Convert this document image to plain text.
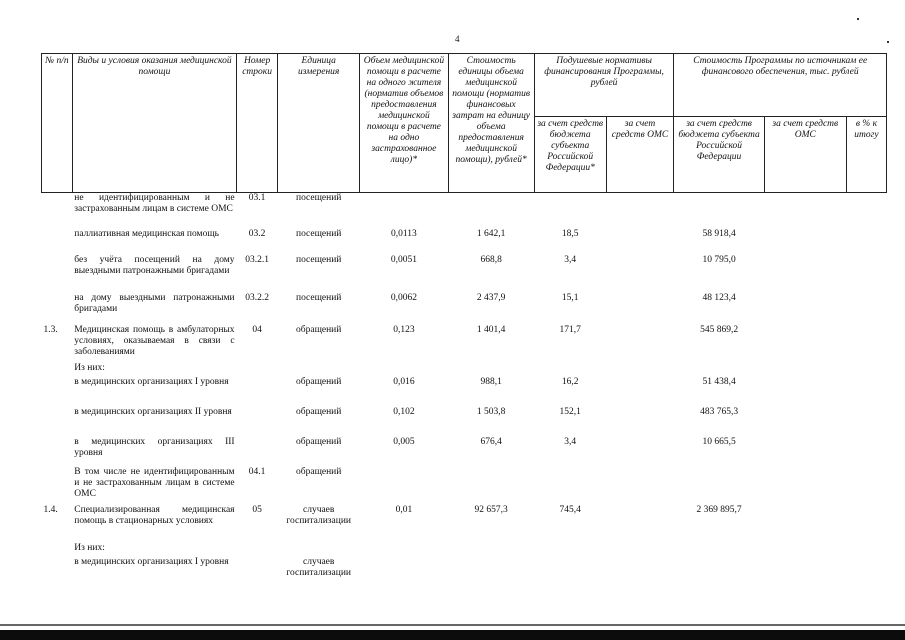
4
№ п/п	Виды и условия оказания медицинской помощи	Номер строки	Единица измерения	Объем медицинской помощи в расчете на одного жителя (норматив объемов предоставления медицинской помощи в расчете на одно застрахованное лицо)*	Стоимость единицы объема медицинской помощи (норматив финансовых затрат на единицу объема предоставления медицинской помощи), рублей*	Подушевые нормативы финансирования Программы, рублей		Стоимость Программы по источникам ее финансового обеспечения, тыс. рублей		
						за счет средств бюджета субъекта Российской Федерации*	за счет средств ОМС	за счет средств бюджета субъекта Российской Федерации	за счет средств ОМС	в % к итогу
	не идентифицированным и не застрахованным лицам в системе ОМС	03.1	посещений							
	паллиативная медицинская помощь	03.2	посещений	0,0113	1 642,1	18,5		58 918,4		
	без учёта посещений на дому выездными патронажными бригадами	03.2.1	посещений	0,0051	668,8	3,4		10 795,0		
	на дому выездными патронажными бригадами	03.2.2	посещений	0,0062	2 437,9	15,1		48 123,4		
1.3.	Медицинская помощь в амбулаторных условиях, оказываемая в связи с заболеваниями	04	обращений	0,123	1 401,4	171,7		545 869,2		
	Из них:									
	в медицинских организациях I уровня		обращений	0,016	988,1	16,2		51 438,4		
	в медицинских организациях II уровня		обращений	0,102	1 503,8	152,1		483 765,3		
	в медицинских организациях III уровня		обращений	0,005	676,4	3,4		10 665,5		
	В том числе не идентифицированным и не застрахованным лицам в системе ОМС	04.1	обращений							
1.4.	Специализированная медицинская помощь в стационарных условиях	05	случаев госпитализации	0,01	92 657,3	745,4		2 369 895,7		
	Из них:									
	в медицинских организациях I уровня		случаев госпитализации							
